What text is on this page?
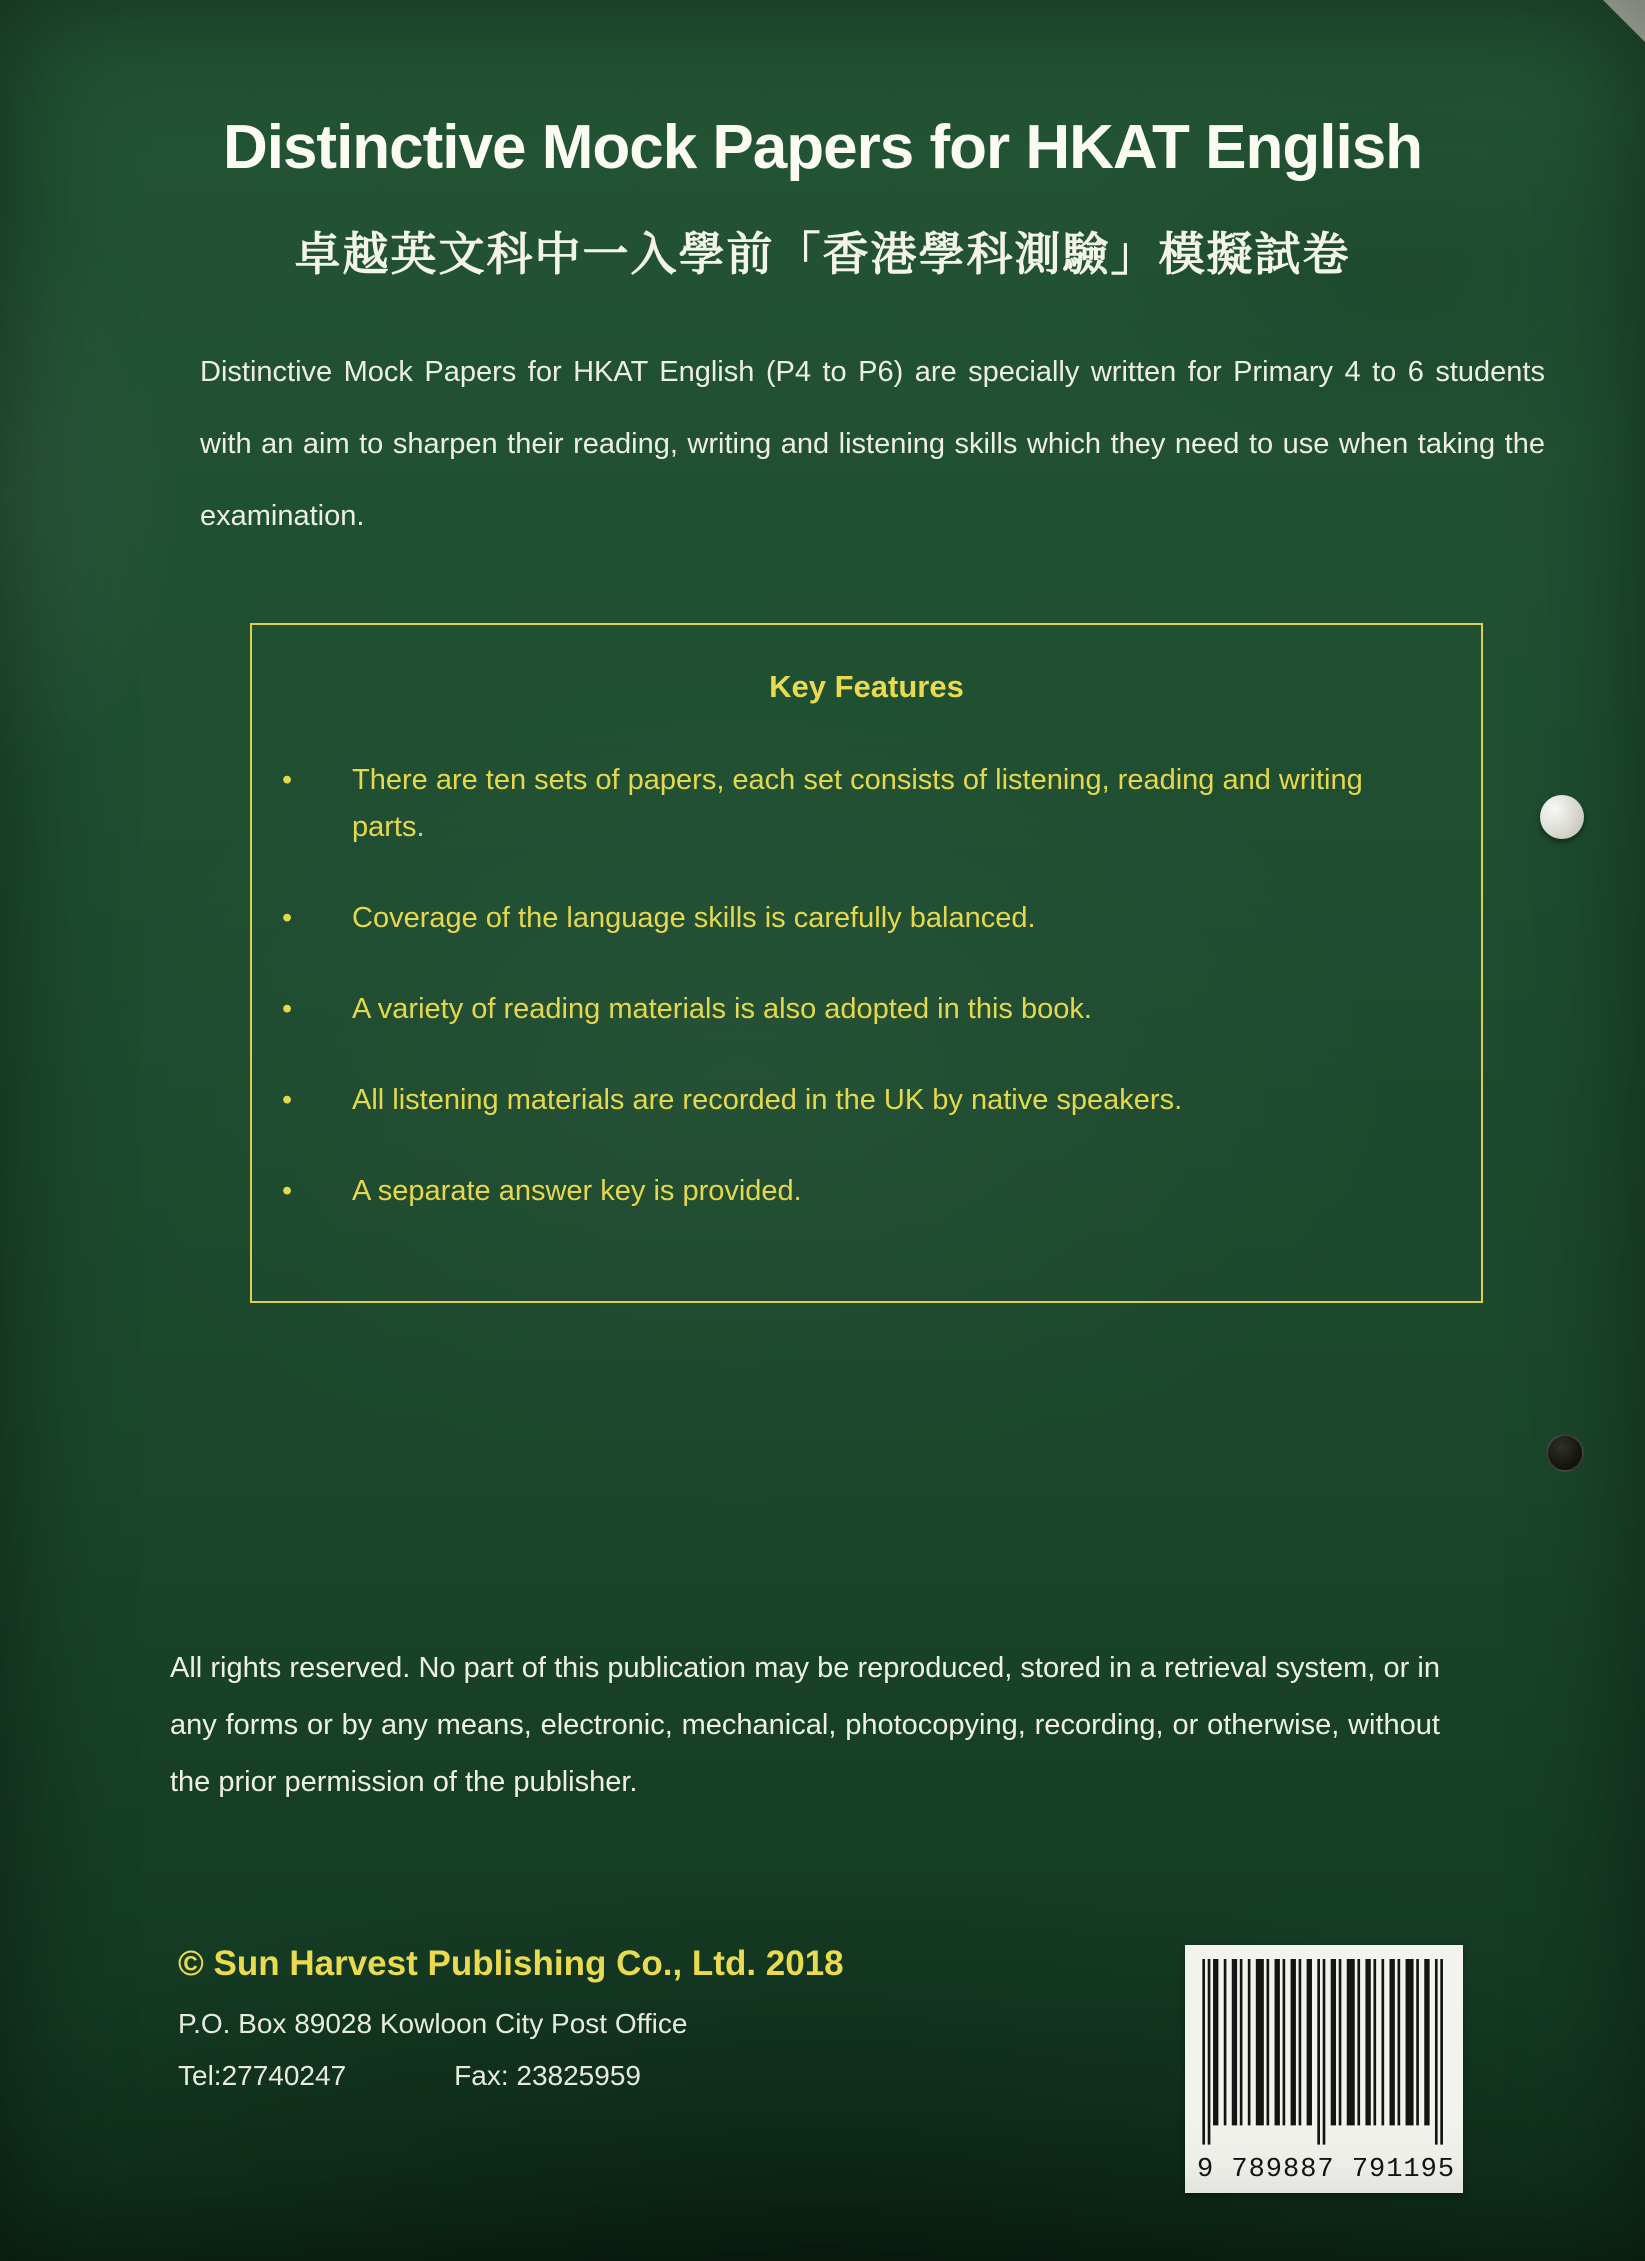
Distinctive Mock Papers for HKAT English
卓越英文科中一入學前「香港學科測驗」模擬試卷
Distinctive Mock Papers for HKAT English (P4 to P6) are specially written for Primary 4 to 6 students with an aim to sharpen their reading, writing and listening skills which they need to use when taking the examination.
Key Features
• There are ten sets of papers, each set consists of listening, reading and writing parts.
• Coverage of the language skills is carefully balanced.
• A variety of reading materials is also adopted in this book.
• All listening materials are recorded in the UK by native speakers.
• A separate answer key is provided.
All rights reserved. No part of this publication may be reproduced, stored in a retrieval system, or in any forms or by any means, electronic, mechanical, photocopying, recording, or otherwise, without the prior permission of the publisher.
© Sun Harvest Publishing Co., Ltd. 2018
P.O. Box 89028 Kowloon City Post Office
Tel:27740247	Fax: 23825959
9 789887 791195
